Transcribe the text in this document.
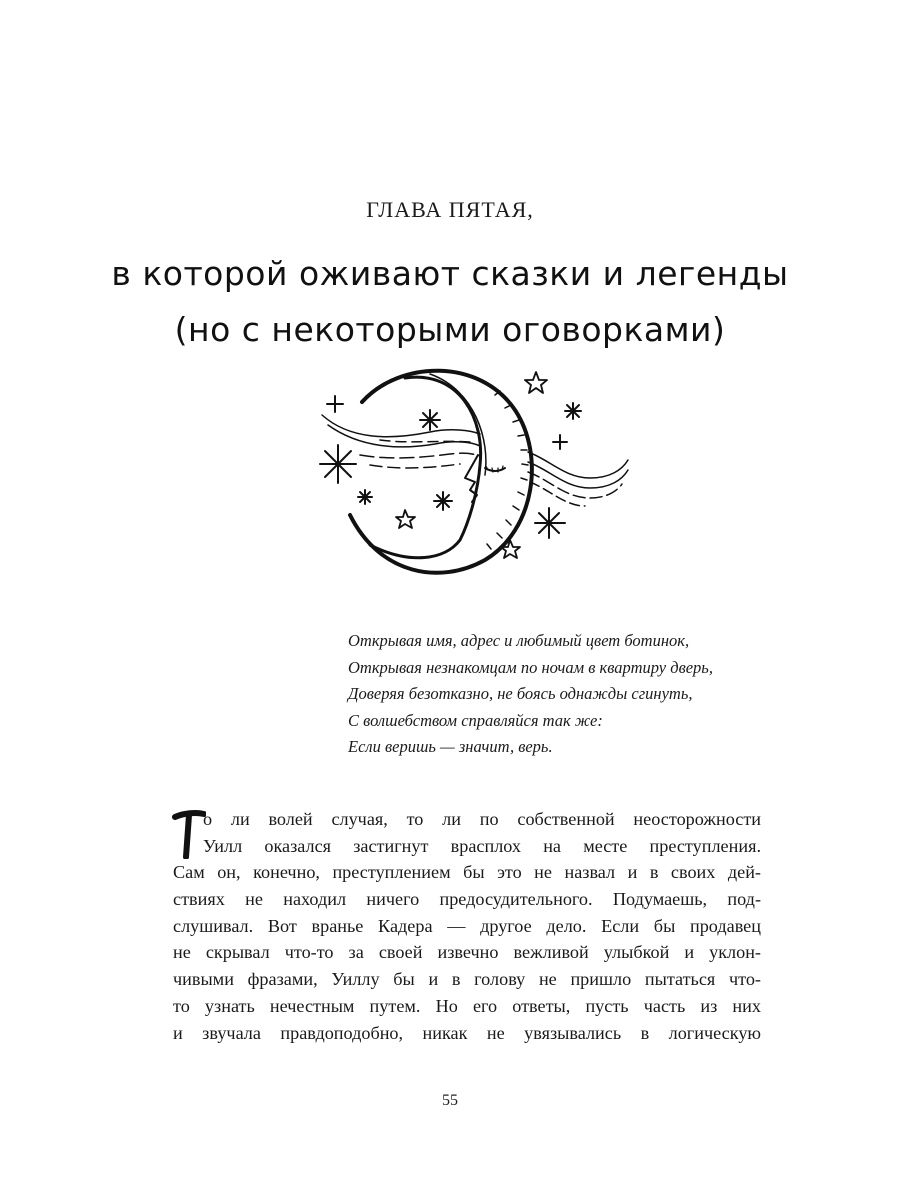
ГЛАВА ПЯТАЯ,
в которой оживают сказки и легенды
(но с некоторыми оговорками)
Открывая имя, адрес и любимый цвет ботинок,
Открывая незнакомцам по ночам в квартиру дверь,
Доверяя безотказно, не боясь однажды сгинуть,
С волшебством справляйся так же:
Если веришь — значит, верь.
о ли волей случая, то ли по собственной неосторожности
Уилл оказался застигнут врасплох на месте преступления.
Сам он, конечно, преступлением бы это не назвал и в своих дей-
ствиях не находил ничего предосудительного. Подумаешь, под-
слушивал. Вот вранье Кадера — другое дело. Если бы продавец
не скрывал что-то за своей извечно вежливой улыбкой и уклон-
чивыми фразами, Уиллу бы и в голову не пришло пытаться что-
то узнать нечестным путем. Но его ответы, пусть часть из них
и звучала правдоподобно, никак не увязывались в логическую
55
